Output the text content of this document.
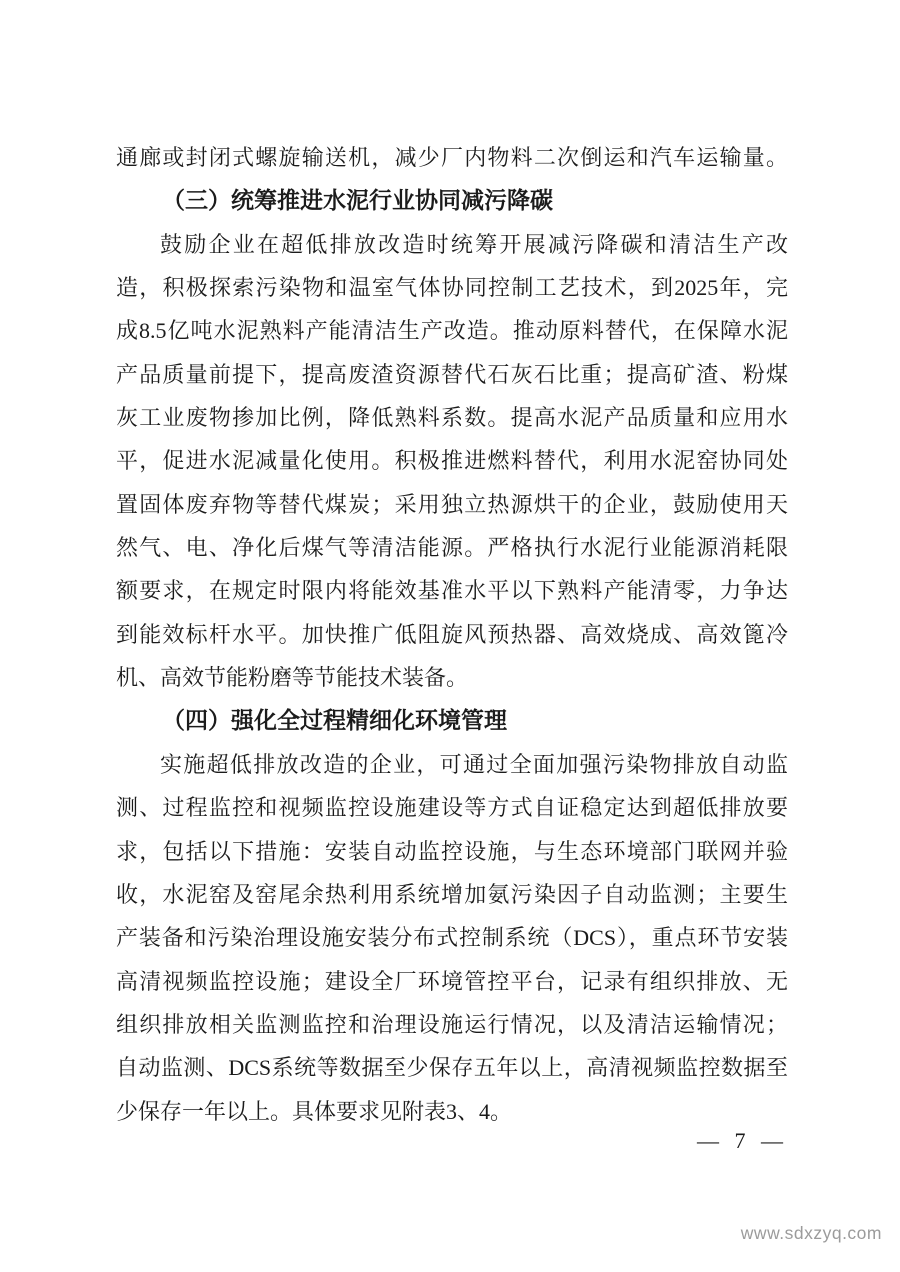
通廊或封闭式螺旋输送机，减少厂内物料二次倒运和汽车运输量。
（三）统筹推进水泥行业协同减污降碳
鼓励企业在超低排放改造时统筹开展减污降碳和清洁生产改
造，积极探索污染物和温室气体协同控制工艺技术，到2025年，完
成8.5亿吨水泥熟料产能清洁生产改造。推动原料替代，在保障水泥
产品质量前提下，提高废渣资源替代石灰石比重；提高矿渣、粉煤
灰工业废物掺加比例，降低熟料系数。提高水泥产品质量和应用水
平，促进水泥减量化使用。积极推进燃料替代，利用水泥窑协同处
置固体废弃物等替代煤炭；采用独立热源烘干的企业，鼓励使用天
然气、电、净化后煤气等清洁能源。严格执行水泥行业能源消耗限
额要求，在规定时限内将能效基准水平以下熟料产能清零，力争达
到能效标杆水平。加快推广低阻旋风预热器、高效烧成、高效篦冷
机、高效节能粉磨等节能技术装备。
（四）强化全过程精细化环境管理
实施超低排放改造的企业，可通过全面加强污染物排放自动监
测、过程监控和视频监控设施建设等方式自证稳定达到超低排放要
求，包括以下措施：安装自动监控设施，与生态环境部门联网并验
收，水泥窑及窑尾余热利用系统增加氨污染因子自动监测；主要生
产装备和污染治理设施安装分布式控制系统（DCS），重点环节安装
高清视频监控设施；建设全厂环境管控平台，记录有组织排放、无
组织排放相关监测监控和治理设施运行情况，以及清洁运输情况；
自动监测、DCS系统等数据至少保存五年以上，高清视频监控数据至
少保存一年以上。具体要求见附表3、4。
— 7 —
www.sdxzyq.com
